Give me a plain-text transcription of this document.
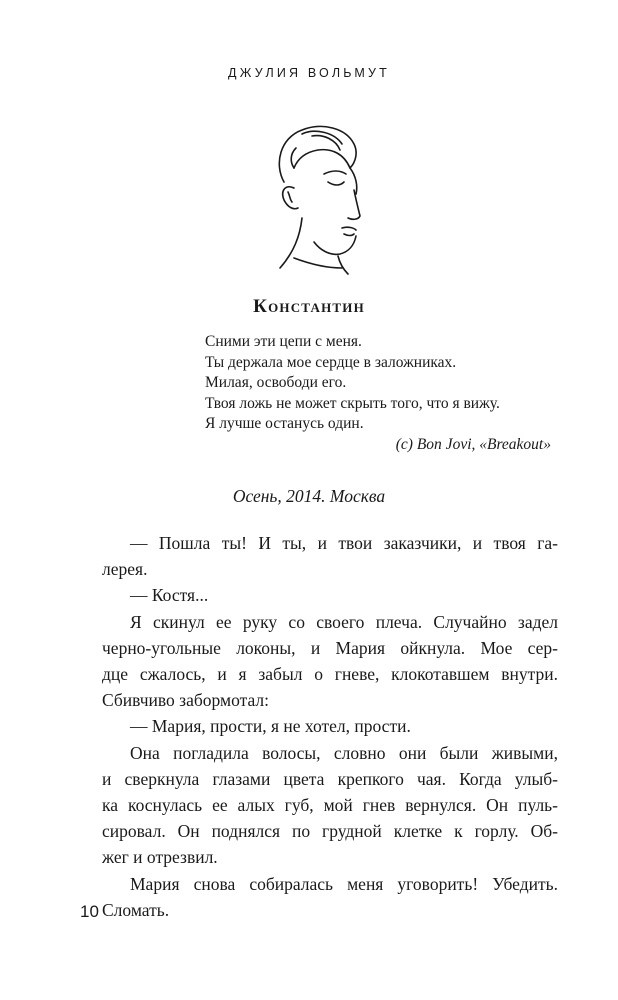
ДЖУЛИЯ ВОЛЬМУТ
Константин
Сними эти цепи с меня.
Ты держала мое сердце в заложниках.
Милая, освободи его.
Твоя ложь не может скрыть того, что я вижу.
Я лучше останусь один.
(с) Bon Jovi, «Breakout»
Осень, 2014. Москва
— Пошла ты! И ты, и твои заказчики, и твоя га-
лерея.
— Костя...
Я скинул ее руку со своего плеча. Случайно задел
черно-угольные локоны, и Мария ойкнула. Мое сер-
дце сжалось, и я забыл о гневе, клокотавшем внутри.
Сбивчиво забормотал:
— Мария, прости, я не хотел, прости.
Она погладила волосы, словно они были живыми,
и сверкнула глазами цвета крепкого чая. Когда улыб-
ка коснулась ее алых губ, мой гнев вернулся. Он пуль-
сировал. Он поднялся по грудной клетке к горлу. Об-
жег и отрезвил.
Мария снова собиралась меня уговорить! Убедить.
Сломать.
10
